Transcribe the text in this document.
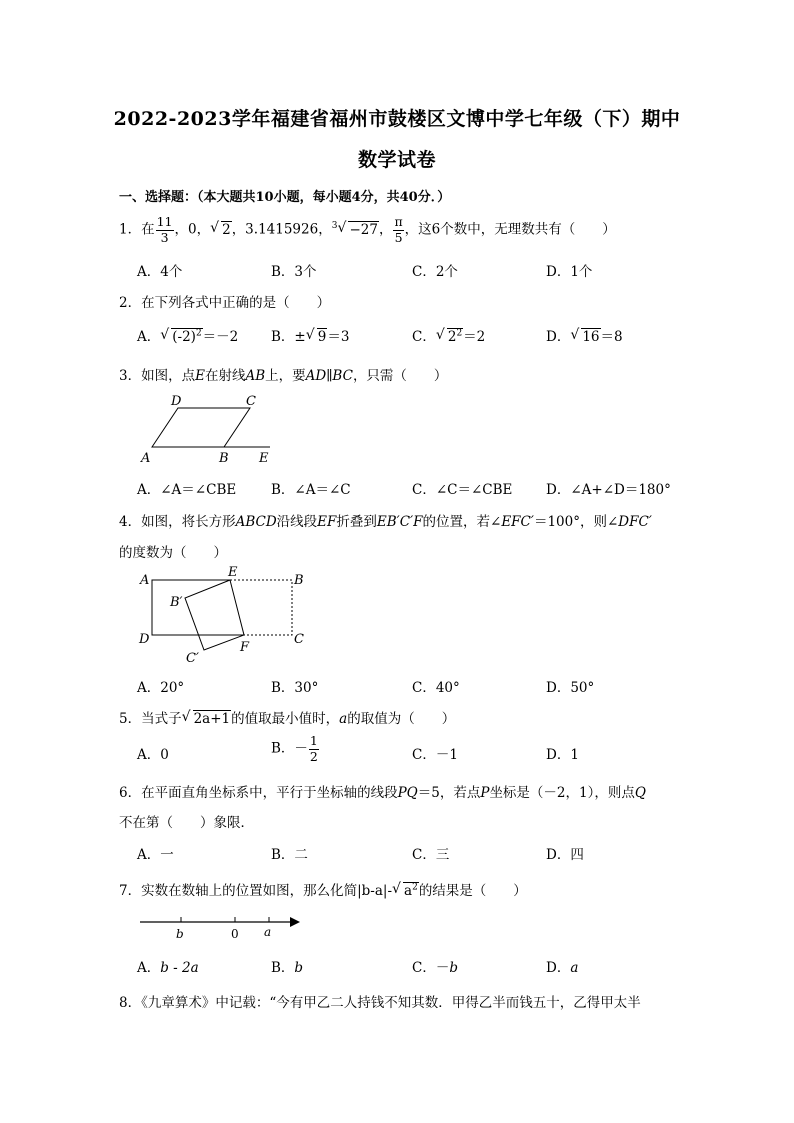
2022-2023学年福建省福州市鼓楼区文博中学七年级（下）期中
数学试卷
一、选择题：（本大题共10小题，每小题4分，共40分．）
1．在 $\frac{11}{3}$ ，0， √ 2，3.1415926，$^3$ √ −27， $\frac{\pi}{5}$ ，这6个数中，无理数共有（　　）
A．4个	B．3个	C．2个	D．1个
2．在下列各式中正确的是（　　）
A． √ $(-2)^2=-2$ B．± √ 9＝3	C． √ $2^2=2$	D． √ 16＝8
3．如图，点E在射线AB上，要AD∥BC，只需（　　）
A	B E
D	C
A．∠A＝∠CBE	B．∠A＝∠C	C．∠C＝∠CBE D．∠A+∠D＝180°
4．如图，将长方形ABCD沿线段EF折叠到EB′C′F的位置，若∠EFC′＝100°，则∠DFC′
的度数为（　　）
A
E
B
B′
D	C
C′
F
A．20°	B．30°	C．40°	D．50°
5．当式子 √ 2a+1的值取最小值时，a的取值为（　　）
A．0	B．－ $\frac{1}{2}$	C．－1	D．1
6．在平面直角坐标系中，平行于坐标轴的线段PQ＝5，若点P坐标是（－2，1），则点Q
不在第（　　）象限．
A．一	B．二	C．三	D．四
7．实数在数轴上的位置如图，那么化简|b-a|- √ $a^2$的结果是（　　）
b	0 a
A．b - 2a	B．b	C．－b	D．a
8．《九章算术》中记载：“今有甲乙二人持钱不知其数．甲得乙半而钱五十，乙得甲太半
